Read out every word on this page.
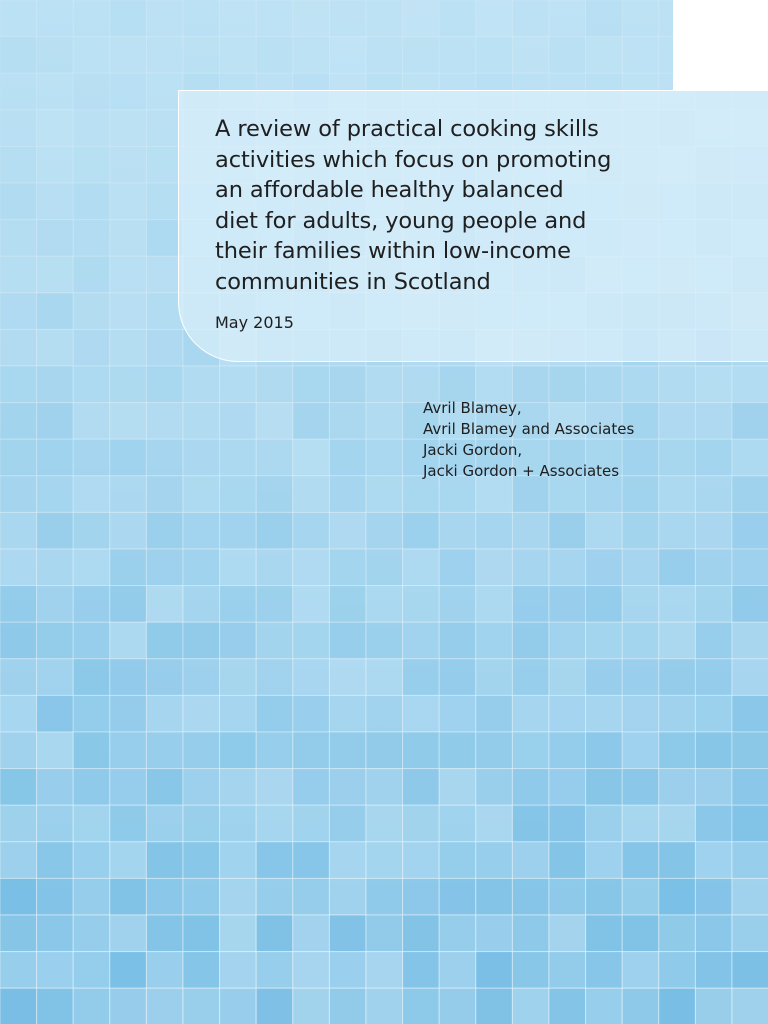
A review of practical cooking skills
activities which focus on promoting
an affordable healthy balanced
diet for adults, young people and
their families within low-income
communities in Scotland
May 2015
Avril Blamey,
Avril Blamey and Associates
Jacki Gordon,
Jacki Gordon + Associates
